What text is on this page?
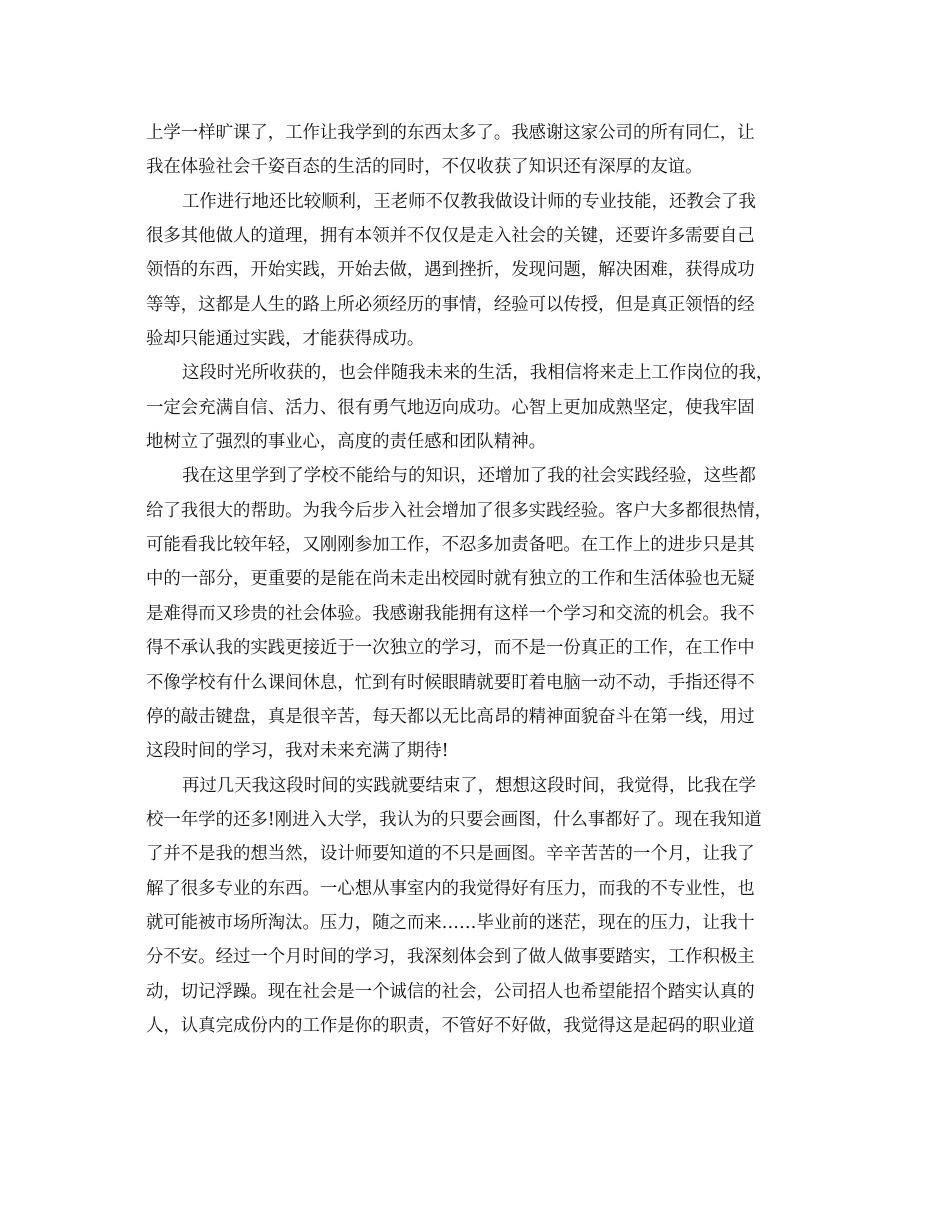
上学一样旷课了，工作让我学到的东西太多了。我感谢这家公司的所有同仁，让
我在体验社会千姿百态的生活的同时，不仅收获了知识还有深厚的友谊。
工作进行地还比较顺利，王老师不仅教我做设计师的专业技能，还教会了我
很多其他做人的道理，拥有本领并不仅仅是走入社会的关键，还要许多需要自己
领悟的东西，开始实践，开始去做，遇到挫折，发现问题，解决困难，获得成功
等等，这都是人生的路上所必须经历的事情，经验可以传授，但是真正领悟的经
验却只能通过实践，才能获得成功。
这段时光所收获的，也会伴随我未来的生活，我相信将来走上工作岗位的我，
一定会充满自信、活力、很有勇气地迈向成功。心智上更加成熟坚定，使我牢固
地树立了强烈的事业心，高度的责任感和团队精神。
我在这里学到了学校不能给与的知识，还增加了我的社会实践经验，这些都
给了我很大的帮助。为我今后步入社会增加了很多实践经验。客户大多都很热情，
可能看我比较年轻，又刚刚参加工作，不忍多加责备吧。在工作上的进步只是其
中的一部分，更重要的是能在尚未走出校园时就有独立的工作和生活体验也无疑
是难得而又珍贵的社会体验。我感谢我能拥有这样一个学习和交流的机会。我不
得不承认我的实践更接近于一次独立的学习，而不是一份真正的工作，在工作中
不像学校有什么课间休息，忙到有时候眼睛就要盯着电脑一动不动，手指还得不
停的敲击键盘，真是很辛苦，每天都以无比高昂的精神面貌奋斗在第一线，用过
这段时间的学习，我对未来充满了期待!
再过几天我这段时间的实践就要结束了，想想这段时间，我觉得，比我在学
校一年学的还多!刚进入大学，我认为的只要会画图，什么事都好了。现在我知道
了并不是我的想当然，设计师要知道的不只是画图。辛辛苦苦的一个月，让我了
解了很多专业的东西。一心想从事室内的我觉得好有压力，而我的不专业性，也
就可能被市场所淘汰。压力，随之而来……毕业前的迷茫，现在的压力，让我十
分不安。经过一个月时间的学习，我深刻体会到了做人做事要踏实，工作积极主
动，切记浮躁。现在社会是一个诚信的社会，公司招人也希望能招个踏实认真的
人，认真完成份内的工作是你的职责，不管好不好做，我觉得这是起码的职业道
